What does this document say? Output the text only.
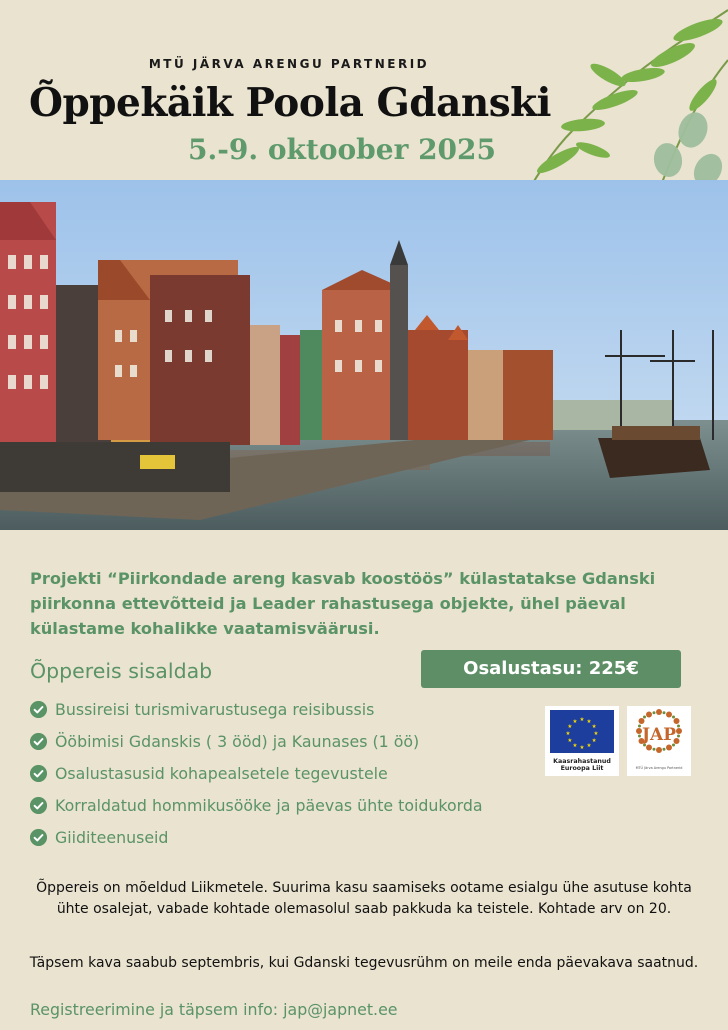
MTÜ JÄRVA ARENGU PARTNERID
Õppekäik Poola Gdanski
5.-9. oktoober 2025
Projekti “Piirkondade areng kasvab koostöös” külastatakse Gdanski piirkonna ettevõtteid ja Leader rahastusega objekte, ühel päeval külastame kohalikke vaatamisväärusi.
Õppereis sisaldab	Osalustasu: 225€
Bussireisi turismivarustusega reisibussis
Ööbimisi Gdanskis ( 3 ööd) ja Kaunases (1 öö)
Osalustasusid kohapealsetele tegevustele
Korraldatud hommikusööke ja päevas ühte toidukorda
Giiditeenuseid
★ ★
★
★
★
★
★
★
★
★
★
★
Kaasrahastanud
Euroopa Liit
JAP
MTÜ Järva Arengu Partnerid
Õppereis on mõeldud Liikmetele. Suurima kasu saamiseks ootame esialgu ühe asutuse kohta ühte osalejat, vabade kohtade olemasolul saab pakkuda ka teistele. Kohtade arv on 20.
Täpsem kava saabub septembris, kui Gdanski tegevusrühm on meile enda päevakava saatnud.
Registreerimine ja täpsem info: jap@japnet.ee
